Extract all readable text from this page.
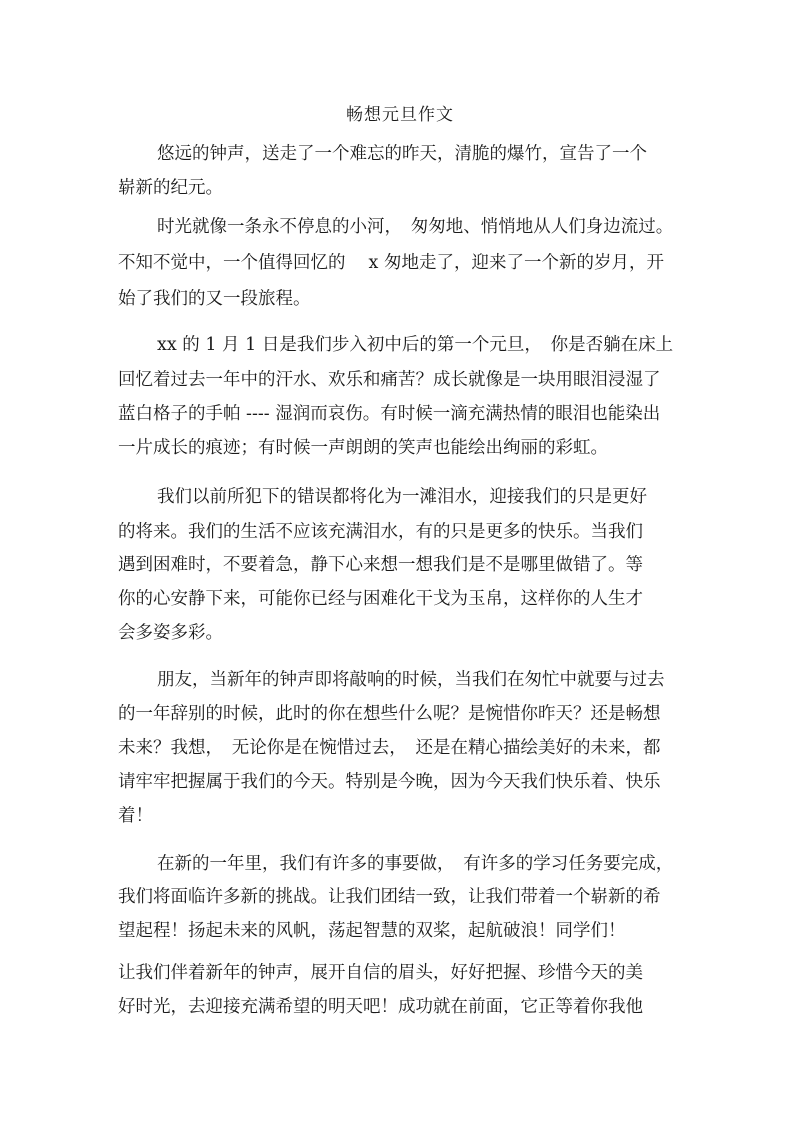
畅想元旦作文
悠远的钟声，送走了一个难忘的昨天，清脆的爆竹，宣告了一个
崭新的纪元。
时光就像一条永不停息的小河，　匆匆地、悄悄地从人们身边流过。
不知不觉中，一个值得回忆的　 x 匆地走了，迎来了一个新的岁月，开
始了我们的又一段旅程。
xx 的 1 月 1 日是我们步入初中后的第一个元旦，　你是否躺在床上
回忆着过去一年中的汗水、欢乐和痛苦？成长就像是一块用眼泪浸湿了
蓝白格子的手帕 ---- 湿润而哀伤。有时候一滴充满热情的眼泪也能染出
一片成长的痕迹；有时候一声朗朗的笑声也能绘出绚丽的彩虹。
我们以前所犯下的错误都将化为一滩泪水，迎接我们的只是更好
的将来。我们的生活不应该充满泪水，有的只是更多的快乐。当我们
遇到困难时，不要着急，静下心来想一想我们是不是哪里做错了。等
你的心安静下来，可能你已经与困难化干戈为玉帛，这样你的人生才
会多姿多彩。
朋友，当新年的钟声即将敲响的时候，当我们在匆忙中就要与过去
的一年辞别的时候，此时的你在想些什么呢？是惋惜你昨天？还是畅想
未来？我想，　无论你是在惋惜过去，　还是在精心描绘美好的未来，都
请牢牢把握属于我们的今天。特别是今晚，因为今天我们快乐着、快乐
着！
在新的一年里，我们有许多的事要做，　有许多的学习任务要完成，
我们将面临许多新的挑战。让我们团结一致，让我们带着一个崭新的希
望起程！扬起未来的风帆，荡起智慧的双桨，起航破浪！同学们！
让我们伴着新年的钟声，展开自信的眉头，好好把握、珍惜今天的美
好时光，去迎接充满希望的明天吧！成功就在前面，它正等着你我他
